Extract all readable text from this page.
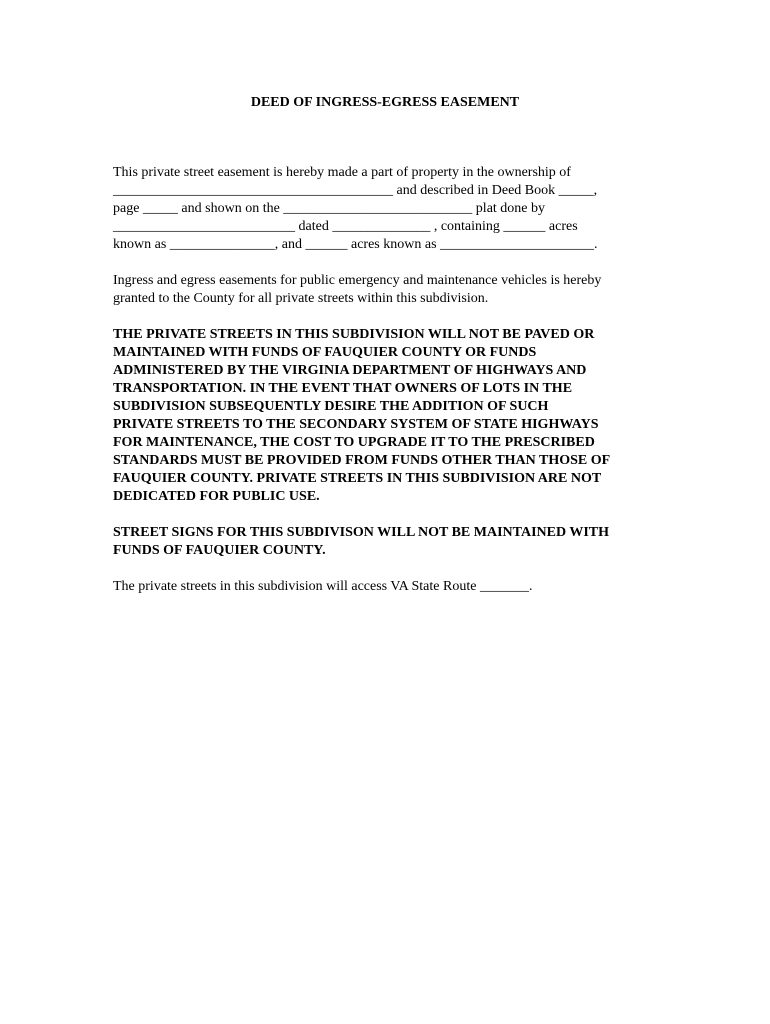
DEED OF INGRESS-EGRESS EASEMENT

This private street easement is hereby made a part of property in the ownership of
________________________________________ and described in Deed Book _____,
page _____ and shown on the ___________________________ plat done by
__________________________ dated ______________ , containing ______ acres
known as _______________, and ______ acres known as ______________________.

Ingress and egress easements for public emergency and maintenance vehicles is hereby
granted to the County for all private streets within this subdivision.

THE PRIVATE STREETS IN THIS SUBDIVISION WILL NOT BE PAVED OR
MAINTAINED WITH FUNDS OF FAUQUIER COUNTY OR FUNDS
ADMINISTERED BY THE VIRGINIA DEPARTMENT OF HIGHWAYS AND
TRANSPORTATION. IN THE EVENT THAT OWNERS OF LOTS IN THE
SUBDIVISION SUBSEQUENTLY DESIRE THE ADDITION OF SUCH
PRIVATE STREETS TO THE SECONDARY SYSTEM OF STATE HIGHWAYS
FOR MAINTENANCE, THE COST TO UPGRADE IT TO THE PRESCRIBED
STANDARDS MUST BE PROVIDED FROM FUNDS OTHER THAN THOSE OF
FAUQUIER COUNTY. PRIVATE STREETS IN THIS SUBDIVISION ARE NOT
DEDICATED FOR PUBLIC USE.

STREET SIGNS FOR THIS SUBDIVISON WILL NOT BE MAINTAINED WITH
FUNDS OF FAUQUIER COUNTY.

The private streets in this subdivision will access VA State Route _______.
